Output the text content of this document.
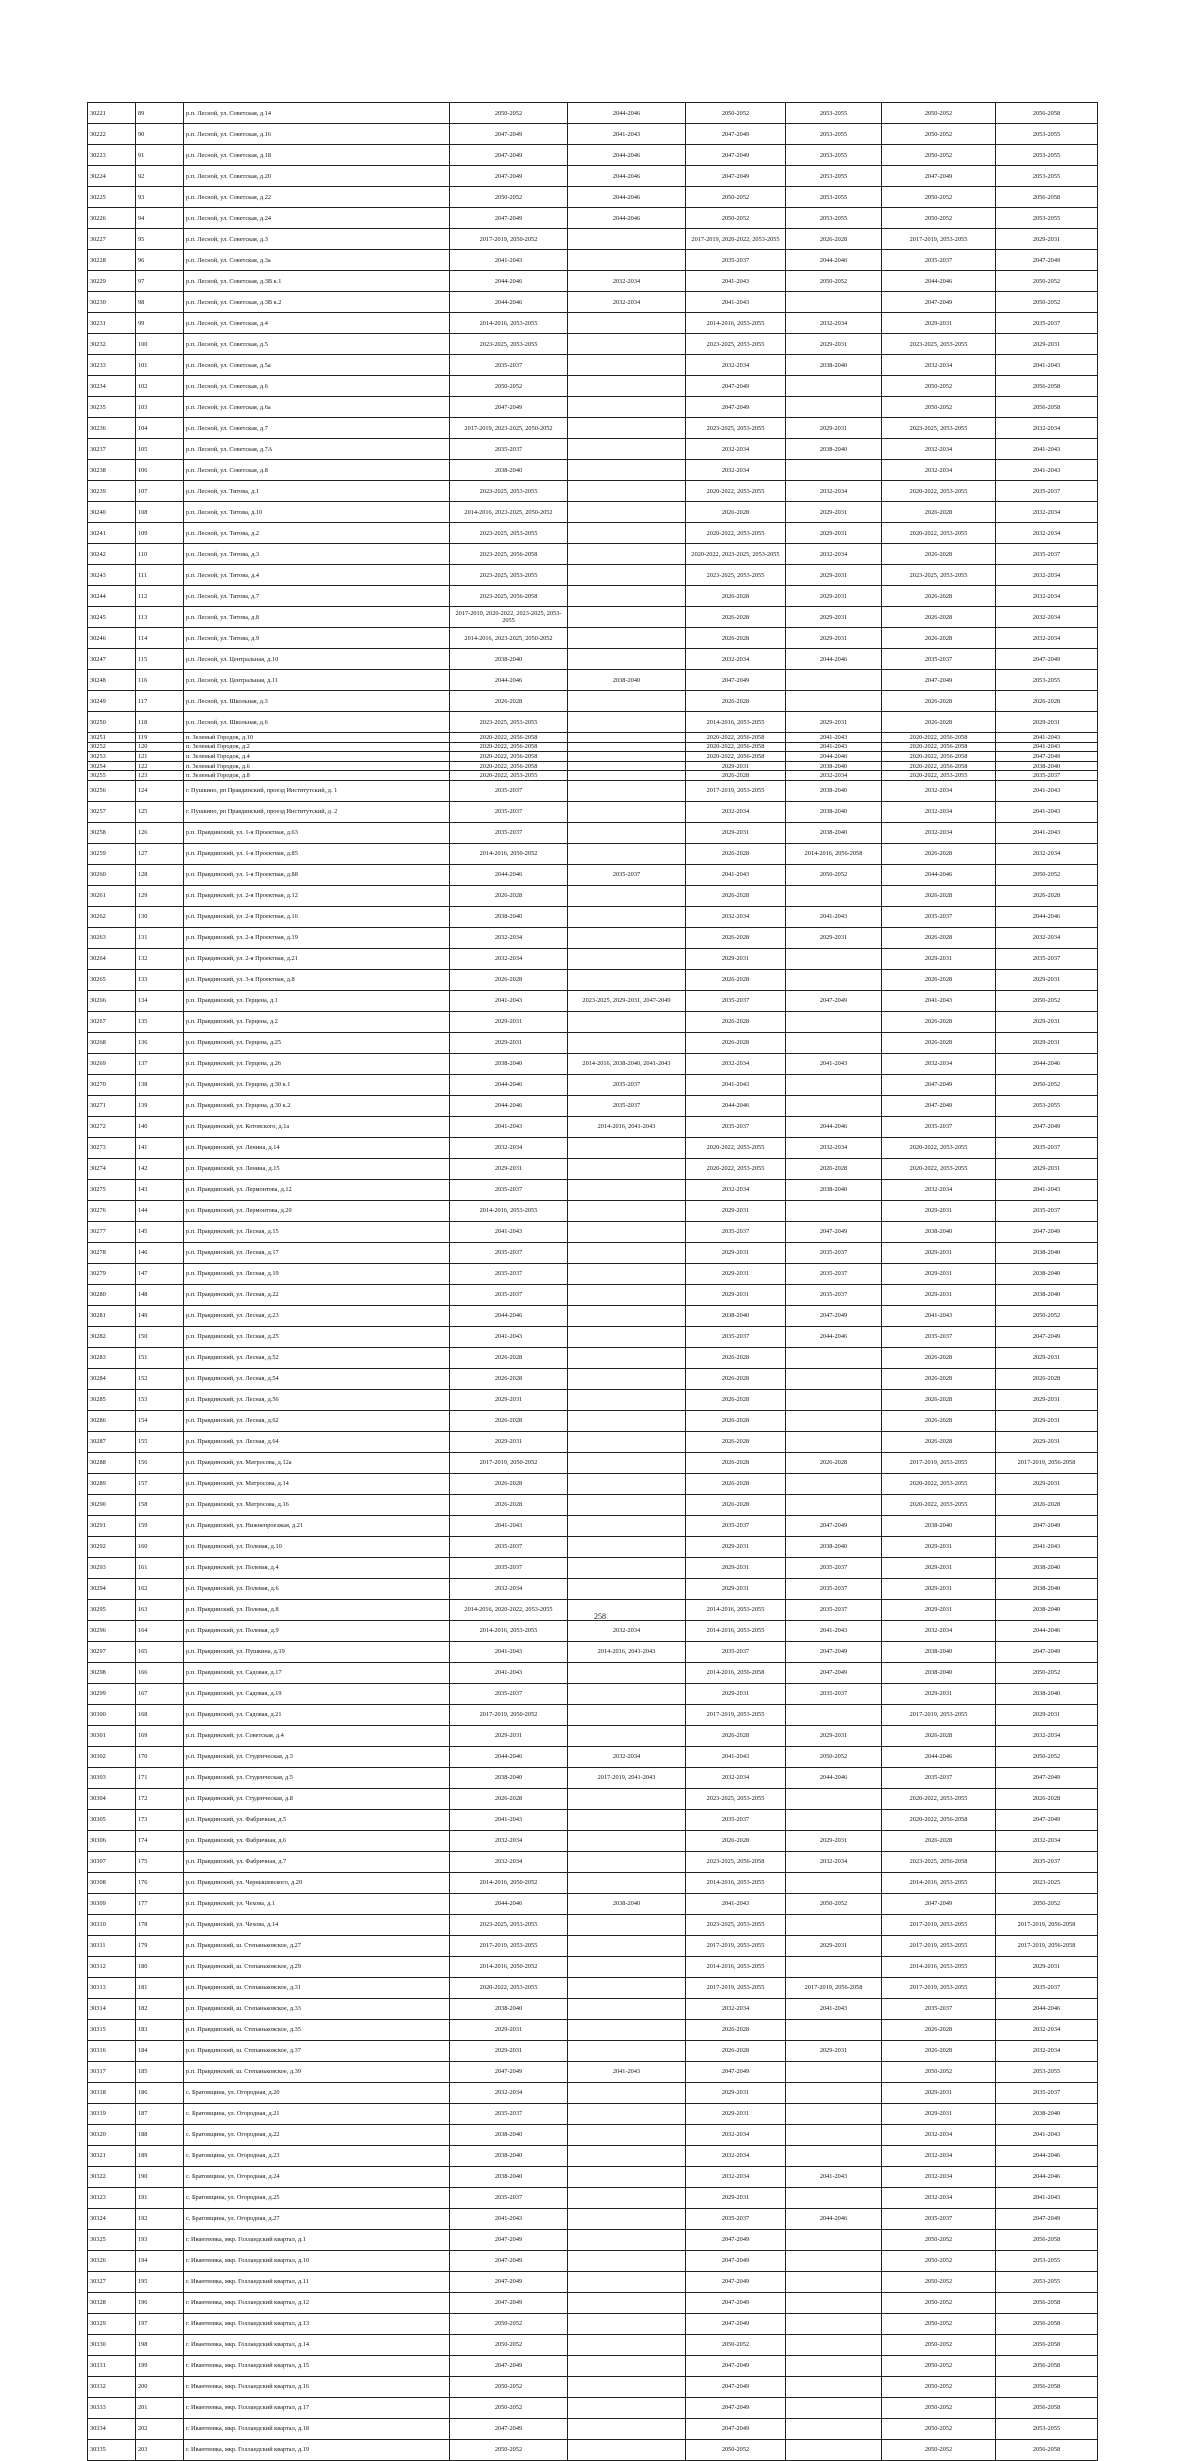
30221	89	р.п. Лесной, ул. Советская, д.14	2050-2052	2044-2046	2050-2052	2053-2055	2050-2052	2056-2058
30222	90	р.п. Лесной, ул. Советская, д.16	2047-2049	2041-2043	2047-2049	2053-2055	2050-2052	2053-2055
30223	91	р.п. Лесной, ул. Советская, д.18	2047-2049	2044-2046	2047-2049	2053-2055	2050-2052	2053-2055
30224	92	р.п. Лесной, ул. Советская, д.20	2047-2049	2044-2046	2047-2049	2053-2055	2047-2049	2053-2055
30225	93	р.п. Лесной, ул. Советская, д.22	2050-2052	2044-2046	2050-2052	2053-2055	2050-2052	2056-2058
30226	94	р.п. Лесной, ул. Советская, д.24	2047-2049	2044-2046	2050-2052	2053-2055	2050-2052	2053-2055
30227	95	р.п. Лесной, ул. Советская, д.3	2017-2019, 2050-2052		2017-2019, 2020-2022, 2053-2055	2026-2028	2017-2019, 2053-2055	2029-2031
30228	96	р.п. Лесной, ул. Советская, д.3а	2041-2043		2035-2037	2044-2046	2035-2037	2047-2049
30229	97	р.п. Лесной, ул. Советская, д.3В к.1	2044-2046	2032-2034	2041-2043	2050-2052	2044-2046	2050-2052
30230	98	р.п. Лесной, ул. Советская, д.3В к.2	2044-2046	2032-2034	2041-2043		2047-2049	2050-2052
30231	99	р.п. Лесной, ул. Советская, д.4	2014-2016, 2053-2055		2014-2016, 2053-2055	2032-2034	2029-2031	2035-2037
30232	100	р.п. Лесной, ул. Советская, д.5	2023-2025, 2053-2055		2023-2025, 2053-2055	2029-2031	2023-2025, 2053-2055	2029-2031
30233	101	р.п. Лесной, ул. Советская, д.5а	2035-2037		2032-2034	2038-2040	2032-2034	2041-2043
30234	102	р.п. Лесной, ул. Советская, д.6	2050-2052		2047-2049		2050-2052	2056-2058
30235	103	р.п. Лесной, ул. Советская, д.6а	2047-2049		2047-2049		2050-2052	2056-2058
30236	104	р.п. Лесной, ул. Советская, д.7	2017-2019, 2023-2025, 2050-2052		2023-2025, 2053-2055	2029-2031	2023-2025, 2053-2055	2032-2034
30237	105	р.п. Лесной, ул. Советская, д.7А	2035-2037		2032-2034	2038-2040	2032-2034	2041-2043
30238	106	р.п. Лесной, ул. Советская, д.8	2038-2040		2032-2034		2032-2034	2041-2043
30239	107	р.п. Лесной, ул. Титова, д.1	2023-2025, 2053-2055		2020-2022, 2053-2055	2032-2034	2020-2022, 2053-2055	2035-2037
30240	108	р.п. Лесной, ул. Титова, д.10	2014-2016, 2023-2025, 2050-2052		2026-2028	2029-2031	2026-2028	2032-2034
30241	109	р.п. Лесной, ул. Титова, д.2	2023-2025, 2053-2055		2020-2022, 2053-2055	2029-2031	2020-2022, 2053-2055	2032-2034
30242	110	р.п. Лесной, ул. Титова, д.3	2023-2025, 2056-2058		2020-2022, 2023-2025, 2053-2055	2032-2034	2026-2028	2035-2037
30243	111	р.п. Лесной, ул. Титова, д.4	2023-2025, 2053-2055		2023-2025, 2053-2055	2029-2031	2023-2025, 2053-2055	2032-2034
30244	112	р.п. Лесной, ул. Титова, д.7	2023-2025, 2056-2058		2026-2028	2029-2031	2026-2028	2032-2034
30245	113	р.п. Лесной, ул. Титова, д.8	2017-2019, 2020-2022, 2023-2025, 2053-2055		2026-2028	2029-2031	2026-2028	2032-2034
30246	114	р.п. Лесной, ул. Титова, д.9	2014-2016, 2023-2025, 2050-2052		2026-2028	2029-2031	2026-2028	2032-2034
30247	115	р.п. Лесной, ул. Центральная, д.10	2038-2040		2032-2034	2044-2046	2035-2037	2047-2049
30248	116	р.п. Лесной, ул. Центральная, д.11	2044-2046	2038-2040	2047-2049		2047-2049	2053-2055
30249	117	р.п. Лесной, ул. Школьная, д.3	2026-2028		2026-2028		2026-2028	2026-2028
30250	118	р.п. Лесной, ул. Школьная, д.6	2023-2025, 2053-2055		2014-2016, 2053-2055	2029-2031	2026-2028	2029-2031
30251	119	п. Зеленый Городок, д.10	2020-2022, 2056-2058		2020-2022, 2056-2058	2041-2043	2020-2022, 2056-2058	2041-2043
30252	120	п. Зеленый Городок, д.2	2020-2022, 2056-2058		2020-2022, 2056-2058	2041-2043	2020-2022, 2056-2058	2041-2043
30253	121	п. Зеленый Городок, д.4	2020-2022, 2056-2058		2020-2022, 2056-2058	2044-2046	2020-2022, 2056-2058	2047-2049
30254	122	п. Зеленый Городок, д.6	2020-2022, 2056-2058		2029-2031	2038-2040	2020-2022, 2056-2058	2038-2040
30255	123	п. Зеленый Городок, д.8	2020-2022, 2053-2055		2026-2028	2032-2034	2020-2022, 2053-2055	2035-2037
30256	124	г. Пушкино, рп Правдинский, проезд Институтский, д. 1	2035-2037		2017-2019, 2053-2055	2038-2040	2032-2034	2041-2043
30257	125	г. Пушкино, рп Правдинский, проезд Институтский, д. 2	2035-2037		2032-2034	2038-2040	2032-2034	2041-2043
30258	126	р.п. Правдинский, ул. 1-я Проектная, д.63	2035-2037		2029-2031	2038-2040	2032-2034	2041-2043
30259	127	р.п. Правдинский, ул. 1-я Проектная, д.85	2014-2016, 2050-2052		2026-2028	2014-2016, 2056-2058	2026-2028	2032-2034
30260	128	р.п. Правдинский, ул. 1-я Проектная, д.88	2044-2046	2035-2037	2041-2043	2050-2052	2044-2046	2050-2052
30261	129	р.п. Правдинский, ул. 2-я Проектная, д.12	2026-2028		2026-2028		2026-2028	2026-2028
30262	130	р.п. Правдинский, ул. 2-я Проектная, д.16	2038-2040		2032-2034	2041-2043	2035-2037	2044-2046
30263	131	р.п. Правдинский, ул. 2-я Проектная, д.19	2032-2034		2026-2028	2029-2031	2026-2028	2032-2034
30264	132	р.п. Правдинский, ул. 2-я Проектная, д.21	2032-2034		2029-2031		2029-2031	2035-2037
30265	133	р.п. Правдинский, ул. 3-я Проектная, д.8	2026-2028		2026-2028		2026-2028	2029-2031
30266	134	р.п. Правдинский, ул. Герцена, д.1	2041-2043	2023-2025, 2029-2031, 2047-2049	2035-2037	2047-2049	2041-2043	2050-2052
30267	135	р.п. Правдинский, ул. Герцена, д.2	2029-2031		2026-2028		2026-2028	2029-2031
30268	136	р.п. Правдинский, ул. Герцена, д.25	2029-2031		2026-2028		2026-2028	2029-2031
30269	137	р.п. Правдинский, ул. Герцена, д.26	2038-2040	2014-2016, 2038-2040, 2041-2043	2032-2034	2041-2043	2032-2034	2044-2046
30270	138	р.п. Правдинский, ул. Герцена, д.30 к.1	2044-2046	2035-2037	2041-2043		2047-2049	2050-2052
30271	139	р.п. Правдинский, ул. Герцена, д.30 к.2	2044-2046	2035-2037	2044-2046		2047-2049	2053-2055
30272	140	р.п. Правдинский, ул. Котовского, д.1а	2041-2043	2014-2016, 2041-2043	2035-2037	2044-2046	2035-2037	2047-2049
30273	141	р.п. Правдинский, ул. Ленина, д.14	2032-2034		2020-2022, 2053-2055	2032-2034	2020-2022, 2053-2055	2035-2037
30274	142	р.п. Правдинский, ул. Ленина, д.15	2029-2031		2020-2022, 2053-2055	2026-2028	2020-2022, 2053-2055	2029-2031
30275	143	р.п. Правдинский, ул. Лермонтова, д.12	2035-2037		2032-2034	2038-2040	2032-2034	2041-2043
30276	144	р.п. Правдинский, ул. Лермонтова, д.20	2014-2016, 2053-2055		2029-2031		2029-2031	2035-2037
30277	145	р.п. Правдинский, ул. Лесная, д.15	2041-2043		2035-2037	2047-2049	2038-2040	2047-2049
30278	146	р.п. Правдинский, ул. Лесная, д.17	2035-2037		2029-2031	2035-2037	2029-2031	2038-2040
30279	147	р.п. Правдинский, ул. Лесная, д.19	2035-2037		2029-2031	2035-2037	2029-2031	2038-2040
30280	148	р.п. Правдинский, ул. Лесная, д.22	2035-2037		2029-2031	2035-2037	2029-2031	2038-2040
30281	149	р.п. Правдинский, ул. Лесная, д.23	2044-2046		2038-2040	2047-2049	2041-2043	2050-2052
30282	150	р.п. Правдинский, ул. Лесная, д.25	2041-2043		2035-2037	2044-2046	2035-2037	2047-2049
30283	151	р.п. Правдинский, ул. Лесная, д.52	2026-2028		2026-2028		2026-2028	2029-2031
30284	152	р.п. Правдинский, ул. Лесная, д.54	2026-2028		2026-2028		2026-2028	2026-2028
30285	153	р.п. Правдинский, ул. Лесная, д.56	2029-2031		2026-2028		2026-2028	2029-2031
30286	154	р.п. Правдинский, ул. Лесная, д.62	2026-2028		2026-2028		2026-2028	2029-2031
30287	155	р.п. Правдинский, ул. Лесная, д.64	2029-2031		2026-2028		2026-2028	2029-2031
30288	156	р.п. Правдинский, ул. Матросова, д.12а	2017-2019, 2050-2052		2026-2028	2026-2028	2017-2019, 2053-2055	2017-2019, 2056-2058
30289	157	р.п. Правдинский, ул. Матросова, д.14	2026-2028		2026-2028		2020-2022, 2053-2055	2029-2031
30290	158	р.п. Правдинский, ул. Матросова, д.16	2026-2028		2026-2028		2020-2022, 2053-2055	2026-2028
30291	159	р.п. Правдинский, ул. Нижнепроезжая, д.21	2041-2043		2035-2037	2047-2049	2038-2040	2047-2049
30292	160	р.п. Правдинский, ул. Полевая, д.10	2035-2037		2029-2031	2038-2040	2029-2031	2041-2043
30293	161	р.п. Правдинский, ул. Полевая, д.4	2035-2037		2029-2031	2035-2037	2029-2031	2038-2040
30294	162	р.п. Правдинский, ул. Полевая, д.6	2032-2034		2029-2031	2035-2037	2029-2031	2038-2040
30295	163	р.п. Правдинский, ул. Полевая, д.8	2014-2016, 2020-2022, 2053-2055		2014-2016, 2053-2055	2035-2037	2029-2031	2038-2040
30296	164	р.п. Правдинский, ул. Полевая, д.9	2014-2016, 2053-2055	2032-2034	2014-2016, 2053-2055	2041-2043	2032-2034	2044-2046
30297	165	р.п. Правдинский, ул. Пушкина, д.19	2041-2043	2014-2016, 2041-2043	2035-2037	2047-2049	2038-2040	2047-2049
30298	166	р.п. Правдинский, ул. Садовая, д.17	2041-2043		2014-2016, 2056-2058	2047-2049	2038-2040	2050-2052
30299	167	р.п. Правдинский, ул. Садовая, д.19	2035-2037		2029-2031	2035-2037	2029-2031	2038-2040
30300	168	р.п. Правдинский, ул. Садовая, д.21	2017-2019, 2050-2052		2017-2019, 2053-2055		2017-2019, 2053-2055	2029-2031
30301	169	р.п. Правдинский, ул. Советская, д.4	2029-2031		2026-2028	2029-2031	2026-2028	2032-2034
30302	170	р.п. Правдинский, ул. Студенческая, д.3	2044-2046	2032-2034	2041-2043	2050-2052	2044-2046	2050-2052
30303	171	р.п. Правдинский, ул. Студенческая, д.5	2038-2040	2017-2019, 2041-2043	2032-2034	2044-2046	2035-2037	2047-2049
30304	172	р.п. Правдинский, ул. Студенческая, д.8	2026-2028		2023-2025, 2053-2055		2020-2022, 2053-2055	2026-2028
30305	173	р.п. Правдинский, ул. Фабричная, д.5	2041-2043		2035-2037		2020-2022, 2056-2058	2047-2049
30306	174	р.п. Правдинский, ул. Фабричная, д.6	2032-2034		2026-2028	2029-2031	2026-2028	2032-2034
30307	175	р.п. Правдинский, ул. Фабричная, д.7	2032-2034		2023-2025, 2056-2058	2032-2034	2023-2025, 2056-2058	2035-2037
30308	176	р.п. Правдинский, ул. Чернышевского, д.20	2014-2016, 2050-2052		2014-2016, 2053-2055		2014-2016, 2053-2055	2023-2025
30309	177	р.п. Правдинский, ул. Чехова, д.1	2044-2046	2038-2040	2041-2043	2050-2052	2047-2049	2050-2052
30310	178	р.п. Правдинский, ул. Чехова, д.14	2023-2025, 2053-2055		2023-2025, 2053-2055		2017-2019, 2053-2055	2017-2019, 2056-2058
30311	179	р.п. Правдинский, ш. Степаньковское, д.27	2017-2019, 2053-2055		2017-2019, 2053-2055	2029-2031	2017-2019, 2053-2055	2017-2019, 2056-2058
30312	180	р.п. Правдинский, ш. Степаньковское, д.29	2014-2016, 2050-2052		2014-2016, 2053-2055		2014-2016, 2053-2055	2029-2031
30313	181	р.п. Правдинский, ш. Степаньковское, д.31	2020-2022, 2053-2055		2017-2019, 2053-2055	2017-2019, 2056-2058	2017-2019, 2053-2055	2035-2037
30314	182	р.п. Правдинский, ш. Степаньковское, д.33	2038-2040		2032-2034	2041-2043	2035-2037	2044-2046
30315	183	р.п. Правдинский, ш. Степаньковское, д.35	2029-2031		2026-2028		2026-2028	2032-2034
30316	184	р.п. Правдинский, ш. Степаньковское, д.37	2029-2031		2026-2028	2029-2031	2026-2028	2032-2034
30317	185	р.п. Правдинский, ш. Степаньковское, д.39	2047-2049	2041-2043	2047-2049		2050-2052	2053-2055
30318	186	с. Братовщина, ул. Огородная, д.20	2032-2034		2029-2031		2029-2031	2035-2037
30319	187	с. Братовщина, ул. Огородная, д.21	2035-2037		2029-2031		2029-2031	2038-2040
30320	188	с. Братовщина, ул. Огородная, д.22	2038-2040		2032-2034		2032-2034	2041-2043
30321	189	с. Братовщина, ул. Огородная, д.23	2038-2040		2032-2034		2032-2034	2044-2046
30322	190	с. Братовщина, ул. Огородная, д.24	2038-2040		2032-2034	2041-2043	2032-2034	2044-2046
30323	191	с. Братовщина, ул. Огородная, д.25	2035-2037		2029-2031		2032-2034	2041-2043
30324	192	с. Братовщина, ул. Огородная, д.27	2041-2043		2035-2037	2044-2046	2035-2037	2047-2049
30325	193	г. Ивантеевка, мкр. Голландский квартал, д.1	2047-2049		2047-2049		2050-2052	2056-2058
30326	194	г. Ивантеевка, мкр. Голландский квартал, д.10	2047-2049		2047-2049		2050-2052	2053-2055
30327	195	г. Ивантеевка, мкр. Голландский квартал, д.11	2047-2049		2047-2049		2050-2052	2053-2055
30328	196	г. Ивантеевка, мкр. Голландский квартал, д.12	2047-2049		2047-2049		2050-2052	2056-2058
30329	197	г. Ивантеевка, мкр. Голландский квартал, д.13	2050-2052		2047-2049		2050-2052	2056-2058
30330	198	г. Ивантеевка, мкр. Голландский квартал, д.14	2050-2052		2050-2052		2050-2052	2056-2058
30331	199	г. Ивантеевка, мкр. Голландский квартал, д.15	2047-2049		2047-2049		2050-2052	2056-2058
30332	200	г. Ивантеевка, мкр. Голландский квартал, д.16	2050-2052		2047-2049		2050-2052	2056-2058
30333	201	г. Ивантеевка, мкр. Голландский квартал, д.17	2050-2052		2047-2049		2050-2052	2056-2058
30334	202	г. Ивантеевка, мкр. Голландский квартал, д.18	2047-2049		2047-2049		2050-2052	2053-2055
30335	203	г. Ивантеевка, мкр. Голландский квартал, д.19	2050-2052		2050-2052		2050-2052	2056-2058
258
